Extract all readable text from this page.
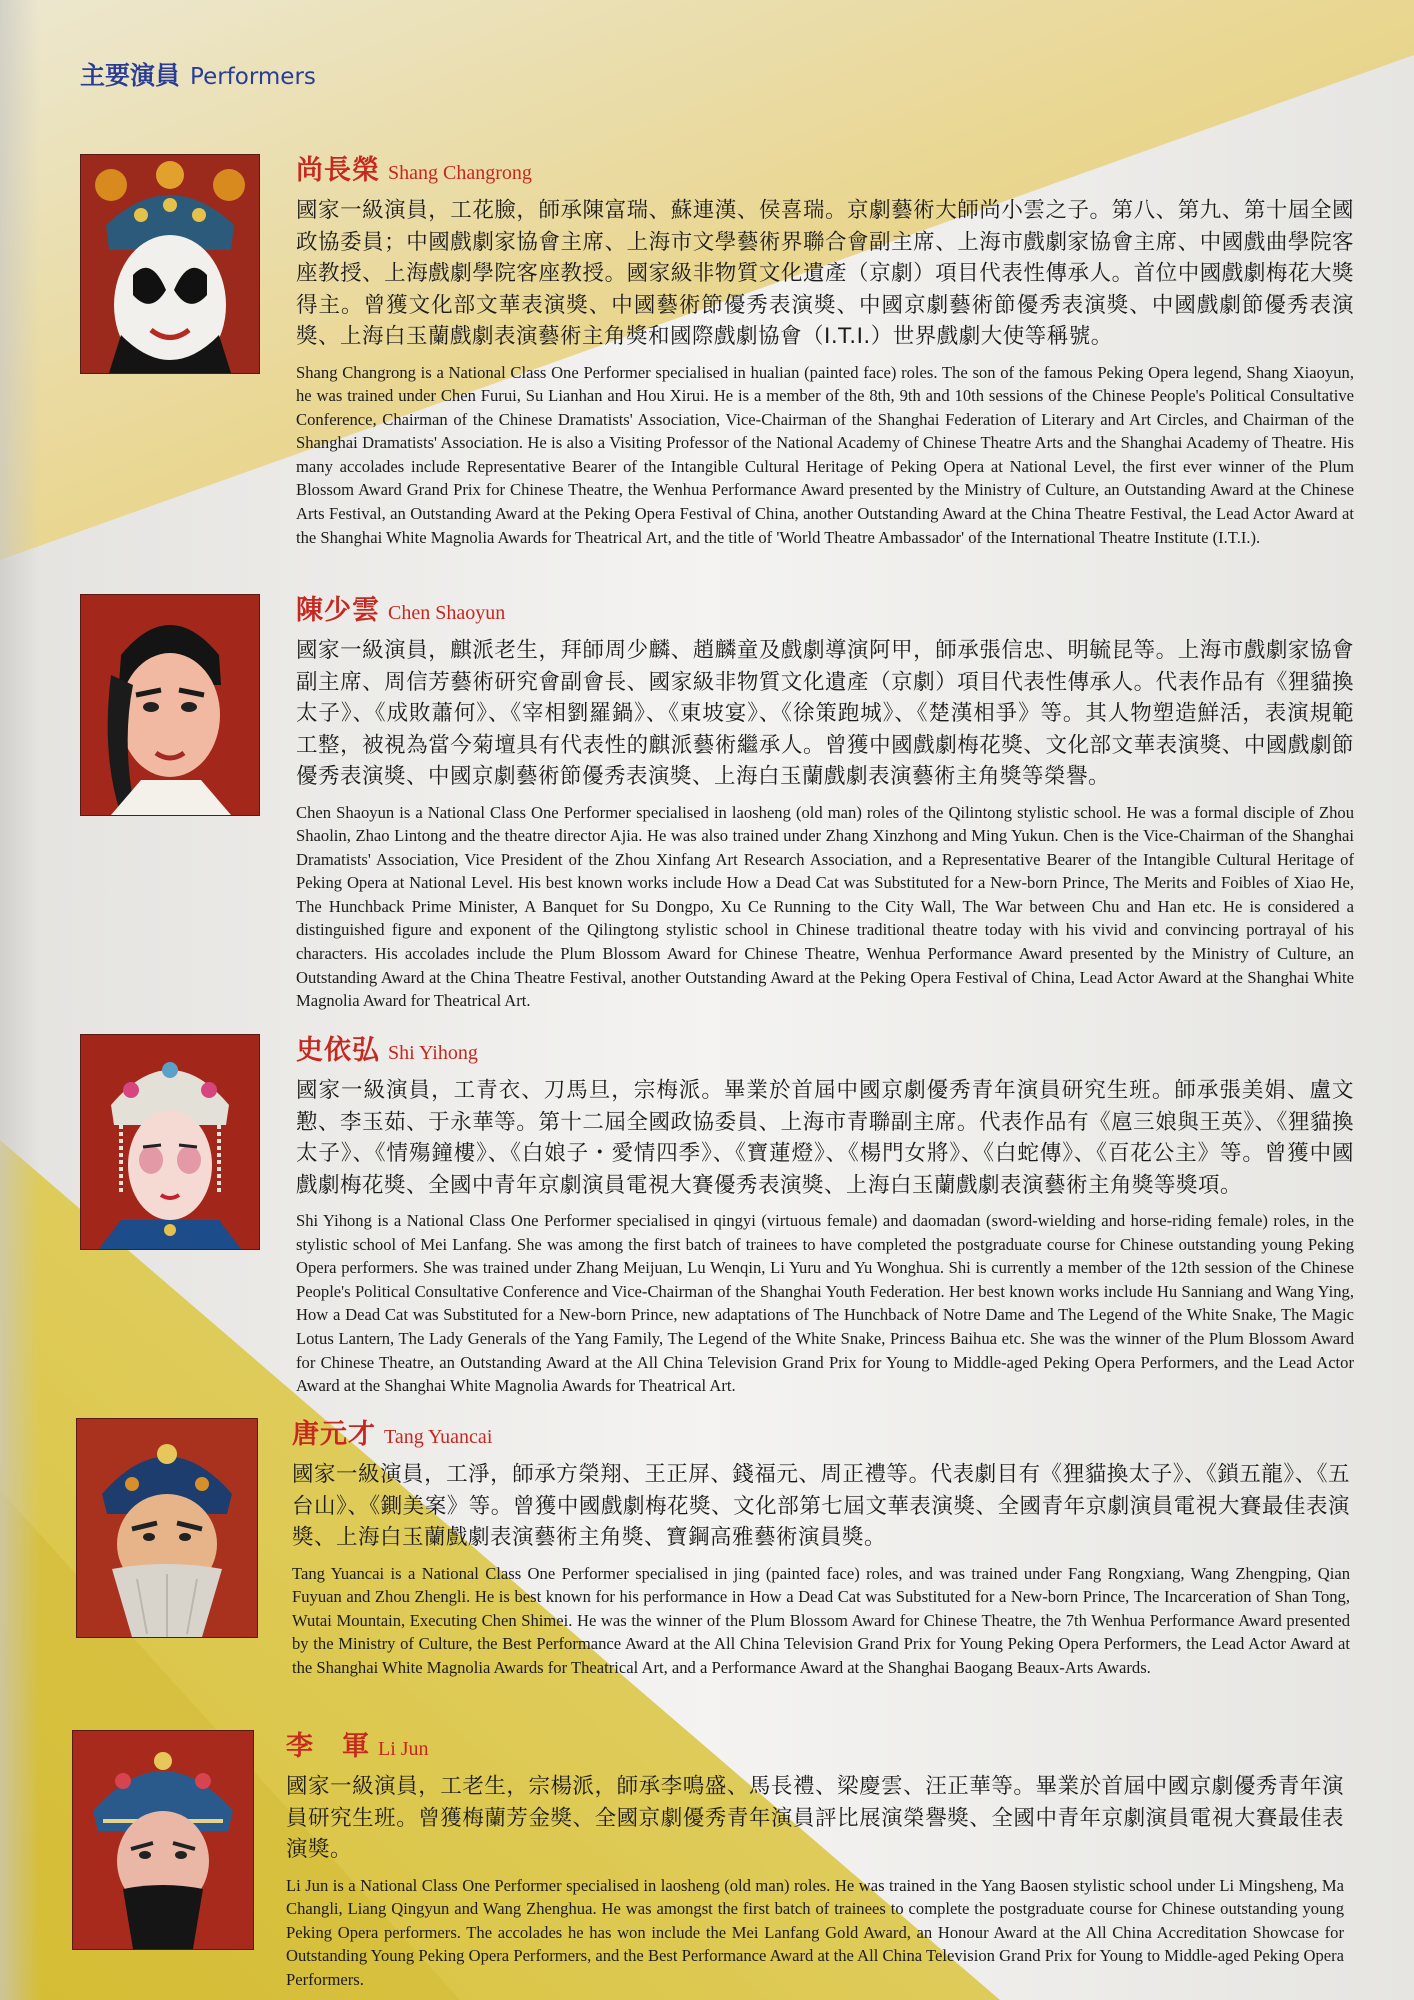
主要演員 Performers
尚長榮 Shang Changrong

國家一級演員，工花臉，師承陳富瑞、蘇連漢、侯喜瑞。京劇藝術大師尚小雲之子。第八、第九、第十屆全國政協委員；中國戲劇家協會主席、上海市文學藝術界聯合會副主席、上海市戲劇家協會主席、中國戲曲學院客座教授、上海戲劇學院客座教授。國家級非物質文化遺產（京劇）項目代表性傳承人。首位中國戲劇梅花大獎得主。曾獲文化部文華表演獎、中國藝術節優秀表演獎、中國京劇藝術節優秀表演獎、中國戲劇節優秀表演獎、上海白玉蘭戲劇表演藝術主角獎和國際戲劇協會（I.T.I.）世界戲劇大使等稱號。

Shang Changrong is a National Class One Performer specialised in hualian (painted face) roles. The son of the famous Peking Opera legend, Shang Xiaoyun, he was trained under Chen Furui, Su Lianhan and Hou Xirui. He is a member of the 8th, 9th and 10th sessions of the Chinese People's Political Consultative Conference, Chairman of the Chinese Dramatists' Association, Vice-Chairman of the Shanghai Federation of Literary and Art Circles, and Chairman of the Shanghai Dramatists' Association. He is also a Visiting Professor of the National Academy of Chinese Theatre Arts and the Shanghai Academy of Theatre. His many accolades include Representative Bearer of the Intangible Cultural Heritage of Peking Opera at National Level, the first ever winner of the Plum Blossom Award Grand Prix for Chinese Theatre, the Wenhua Performance Award presented by the Ministry of Culture, an Outstanding Award at the Chinese Arts Festival, an Outstanding Award at the Peking Opera Festival of China, another Outstanding Award at the China Theatre Festival, the Lead Actor Award at the Shanghai White Magnolia Awards for Theatrical Art, and the title of 'World Theatre Ambassador' of the International Theatre Institute (I.T.I.).

陳少雲 Chen Shaoyun

國家一級演員，麒派老生，拜師周少麟、趙麟童及戲劇導演阿甲，師承張信忠、明毓昆等。上海市戲劇家協會副主席、周信芳藝術研究會副會長、國家級非物質文化遺產（京劇）項目代表性傳承人。代表作品有《狸貓換太子》、《成敗蕭何》、《宰相劉羅鍋》、《東坡宴》、《徐策跑城》、《楚漢相爭》等。其人物塑造鮮活，表演規範工整，被視為當今菊壇具有代表性的麒派藝術繼承人。曾獲中國戲劇梅花獎、文化部文華表演獎、中國戲劇節優秀表演獎、中國京劇藝術節優秀表演獎、上海白玉蘭戲劇表演藝術主角獎等榮譽。

Chen Shaoyun is a National Class One Performer specialised in laosheng (old man) roles of the Qilintong stylistic school. He was a formal disciple of Zhou Shaolin, Zhao Lintong and the theatre director Ajia. He was also trained under Zhang Xinzhong and Ming Yukun. Chen is the Vice-Chairman of the Shanghai Dramatists' Association, Vice President of the Zhou Xinfang Art Research Association, and a Representative Bearer of the Intangible Cultural Heritage of Peking Opera at National Level. His best known works include How a Dead Cat was Substituted for a New-born Prince, The Merits and Foibles of Xiao He, The Hunchback Prime Minister, A Banquet for Su Dongpo, Xu Ce Running to the City Wall, The War between Chu and Han etc. He is considered a distinguished figure and exponent of the Qilingtong stylistic school in Chinese traditional theatre today with his vivid and convincing portrayal of his characters. His accolades include the Plum Blossom Award for Chinese Theatre, Wenhua Performance Award presented by the Ministry of Culture, an Outstanding Award at the China Theatre Festival, another Outstanding Award at the Peking Opera Festival of China, Lead Actor Award at the Shanghai White Magnolia Award for Theatrical Art.

史依弘 Shi Yihong

國家一級演員，工青衣、刀馬旦，宗梅派。畢業於首屆中國京劇優秀青年演員研究生班。師承張美娟、盧文懃、李玉茹、于永華等。第十二屆全國政協委員、上海市青聯副主席。代表作品有《扈三娘與王英》、《狸貓換太子》、《情殤鐘樓》、《白娘子・愛情四季》、《寶蓮燈》、《楊門女將》、《白蛇傳》、《百花公主》等。曾獲中國戲劇梅花獎、全國中青年京劇演員電視大賽優秀表演獎、上海白玉蘭戲劇表演藝術主角獎等獎項。

Shi Yihong is a National Class One Performer specialised in qingyi (virtuous female) and daomadan (sword-wielding and horse-riding female) roles, in the stylistic school of Mei Lanfang. She was among the first batch of trainees to have completed the postgraduate course for Chinese outstanding young Peking Opera performers. She was trained under Zhang Meijuan, Lu Wenqin, Li Yuru and Yu Wonghua. Shi is currently a member of the 12th session of the Chinese People's Political Consultative Conference and Vice-Chairman of the Shanghai Youth Federation. Her best known works include Hu Sanniang and Wang Ying, How a Dead Cat was Substituted for a New-born Prince, new adaptations of The Hunchback of Notre Dame and The Legend of the White Snake, The Magic Lotus Lantern, The Lady Generals of the Yang Family, The Legend of the White Snake, Princess Baihua etc. She was the winner of the Plum Blossom Award for Chinese Theatre, an Outstanding Award at the All China Television Grand Prix for Young to Middle-aged Peking Opera Performers, and the Lead Actor Award at the Shanghai White Magnolia Awards for Theatrical Art.

唐元才 Tang Yuancai

國家一級演員，工淨，師承方榮翔、王正屏、錢福元、周正禮等。代表劇目有《狸貓換太子》、《鎖五龍》、《五台山》、《鍘美案》等。曾獲中國戲劇梅花獎、文化部第七屆文華表演獎、全國青年京劇演員電視大賽最佳表演獎、上海白玉蘭戲劇表演藝術主角獎、寶鋼高雅藝術演員獎。

Tang Yuancai is a National Class One Performer specialised in jing (painted face) roles, and was trained under Fang Rongxiang, Wang Zhengping, Qian Fuyuan and Zhou Zhengli. He is best known for his performance in How a Dead Cat was Substituted for a New-born Prince, The Incarceration of Shan Tong, Wutai Mountain, Executing Chen Shimei. He was the winner of the Plum Blossom Award for Chinese Theatre, the 7th Wenhua Performance Award presented by the Ministry of Culture, the Best Performance Award at the All China Television Grand Prix for Young Peking Opera Performers, the Lead Actor Award at the Shanghai White Magnolia Awards for Theatrical Art, and a Performance Award at the Shanghai Baogang Beaux-Arts Awards.

李　軍 Li Jun

國家一級演員，工老生，宗楊派，師承李鳴盛、馬長禮、梁慶雲、汪正華等。畢業於首屆中國京劇優秀青年演員研究生班。曾獲梅蘭芳金獎、全國京劇優秀青年演員評比展演榮譽獎、全國中青年京劇演員電視大賽最佳表演獎。

Li Jun is a National Class One Performer specialised in laosheng (old man) roles. He was trained in the Yang Baosen stylistic school under Li Mingsheng, Ma Changli, Liang Qingyun and Wang Zhenghua. He was amongst the first batch of trainees to complete the postgraduate course for Chinese outstanding young Peking Opera performers. The accolades he has won include the Mei Lanfang Gold Award, an Honour Award at the All China Accreditation Showcase for Outstanding Young Peking Opera Performers, and the Best Performance Award at the All China Television Grand Prix for Young to Middle-aged Peking Opera Performers.
